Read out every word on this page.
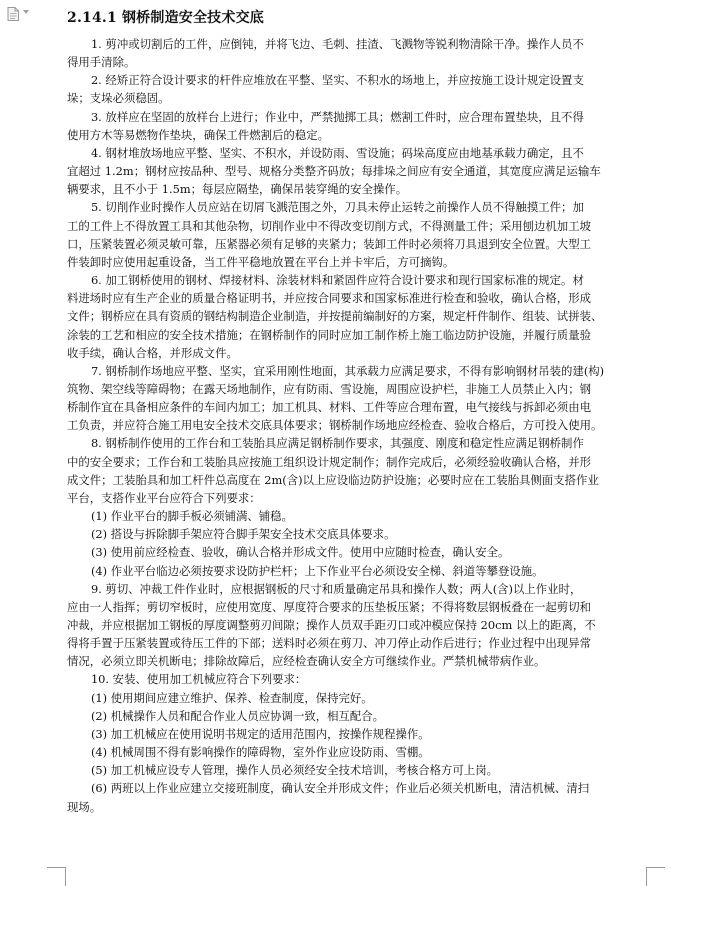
2.14.1 钢桥制造安全技术交底

1. 剪冲或切割后的工件，应倒钝，并将飞边、毛刺、挂渣、飞溅物等锐利物清除干净。操作人员不
得用手清除。

2. 经矫正符合设计要求的杆件应堆放在平整、坚实、不积水的场地上，并应按施工设计规定设置支
垛；支垛必须稳固。

3. 放样应在坚固的放样台上进行；作业中，严禁抛掷工具；燃割工件时，应合理布置垫块，且不得
使用方木等易燃物作垫块，确保工件燃割后的稳定。

4. 钢材堆放场地应平整、坚实、不积水，并设防雨、雪设施；码垛高度应由地基承载力确定，且不
宜超过 1.2m；钢材应按品种、型号、规格分类整齐码放；每排垛之间应有安全通道，其宽度应满足运输车
辆要求，且不小于 1.5m；每层应隔垫，确保吊装穿绳的安全操作。

5. 切削作业时操作人员应站在切屑飞溅范围之外，刀具未停止运转之前操作人员不得触摸工件；加
工的工件上不得放置工具和其他杂物，切削作业中不得改变切削方式，不得测量工件；采用刨边机加工坡
口，压紧装置必须灵敏可靠，压紧器必须有足够的夹紧力；装卸工件时必须将刀具退到安全位置。大型工
件装卸时应使用起重设备，当工件平稳地放置在平台上并卡牢后，方可摘钩。

6. 加工钢桥使用的钢材、焊接材料、涂装材料和紧固件应符合设计要求和现行国家标准的规定。材
料进场时应有生产企业的质量合格证明书，并应按合同要求和国家标准进行检查和验收，确认合格，形成
文件；钢桥应在具有资质的钢结构制造企业制造，并按提前编制好的方案，规定杆件制作、组装、试拼装、
涂装的工艺和相应的安全技术措施；在钢桥制作的同时应加工制作桥上施工临边防护设施，并履行质量验
收手续，确认合格，并形成文件。

7. 钢桥制作场地应平整、坚实，宜采用刚性地面，其承载力应满足要求，不得有影响钢材吊装的建(构)
筑物、架空线等障碍物；在露天场地制作，应有防雨、雪设施，周围应设护栏，非施工人员禁止入内；钢
桥制作宜在具备相应条件的车间内加工；加工机具、材料、工件等应合理布置，电气接线与拆卸必须由电
工负责，并应符合施工用电安全技术交底具体要求；钢桥制作场地应经检查、验收合格后，方可投入使用。

8. 钢桥制作使用的工作台和工装胎具应满足钢桥制作要求，其强度、刚度和稳定性应满足钢桥制作
中的安全要求；工作台和工装胎具应按施工组织设计规定制作；制作完成后，必须经验收确认合格，并形
成文件；工装胎具和加工杆件总高度在 2m(含)以上应设临边防护设施；必要时应在工装胎具侧面支搭作业
平台，支搭作业平台应符合下列要求：

(1) 作业平台的脚手板必须铺满、铺稳。

(2) 搭设与拆除脚手架应符合脚手架安全技术交底具体要求。

(3) 使用前应经检查、验收，确认合格并形成文件。使用中应随时检查，确认安全。

(4) 作业平台临边必须按要求设防护栏杆；上下作业平台必须设安全梯、斜道等攀登设施。

9. 剪切、冲裁工件作业时，应根据钢板的尺寸和质量确定吊具和操作人数；两人(含)以上作业时，
应由一人指挥；剪切窄板时，应使用宽度、厚度符合要求的压垫板压紧；不得将数层钢板叠在一起剪切和
冲裁，并应根据加工钢板的厚度调整剪刃间隙；操作人员双手距刃口或冲模应保持 20cm 以上的距离，不
得将手置于压紧装置或待压工件的下部；送料时必须在剪刀、冲刀停止动作后进行；作业过程中出现异常
情况，必须立即关机断电；排除故障后，应经检查确认安全方可继续作业。严禁机械带病作业。

10. 安装、使用加工机械应符合下列要求：

(1) 使用期间应建立维护、保养、检查制度，保持完好。

(2) 机械操作人员和配合作业人员应协调一致，相互配合。

(3) 加工机械应在使用说明书规定的适用范围内，按操作规程操作。

(4) 机械周围不得有影响操作的障碍物，室外作业应设防雨、雪棚。

(5) 加工机械应设专人管理，操作人员必须经安全技术培训，考核合格方可上岗。

(6) 两班以上作业应建立交接班制度，确认安全并形成文件；作业后必须关机断电，清洁机械、清扫
现场。
